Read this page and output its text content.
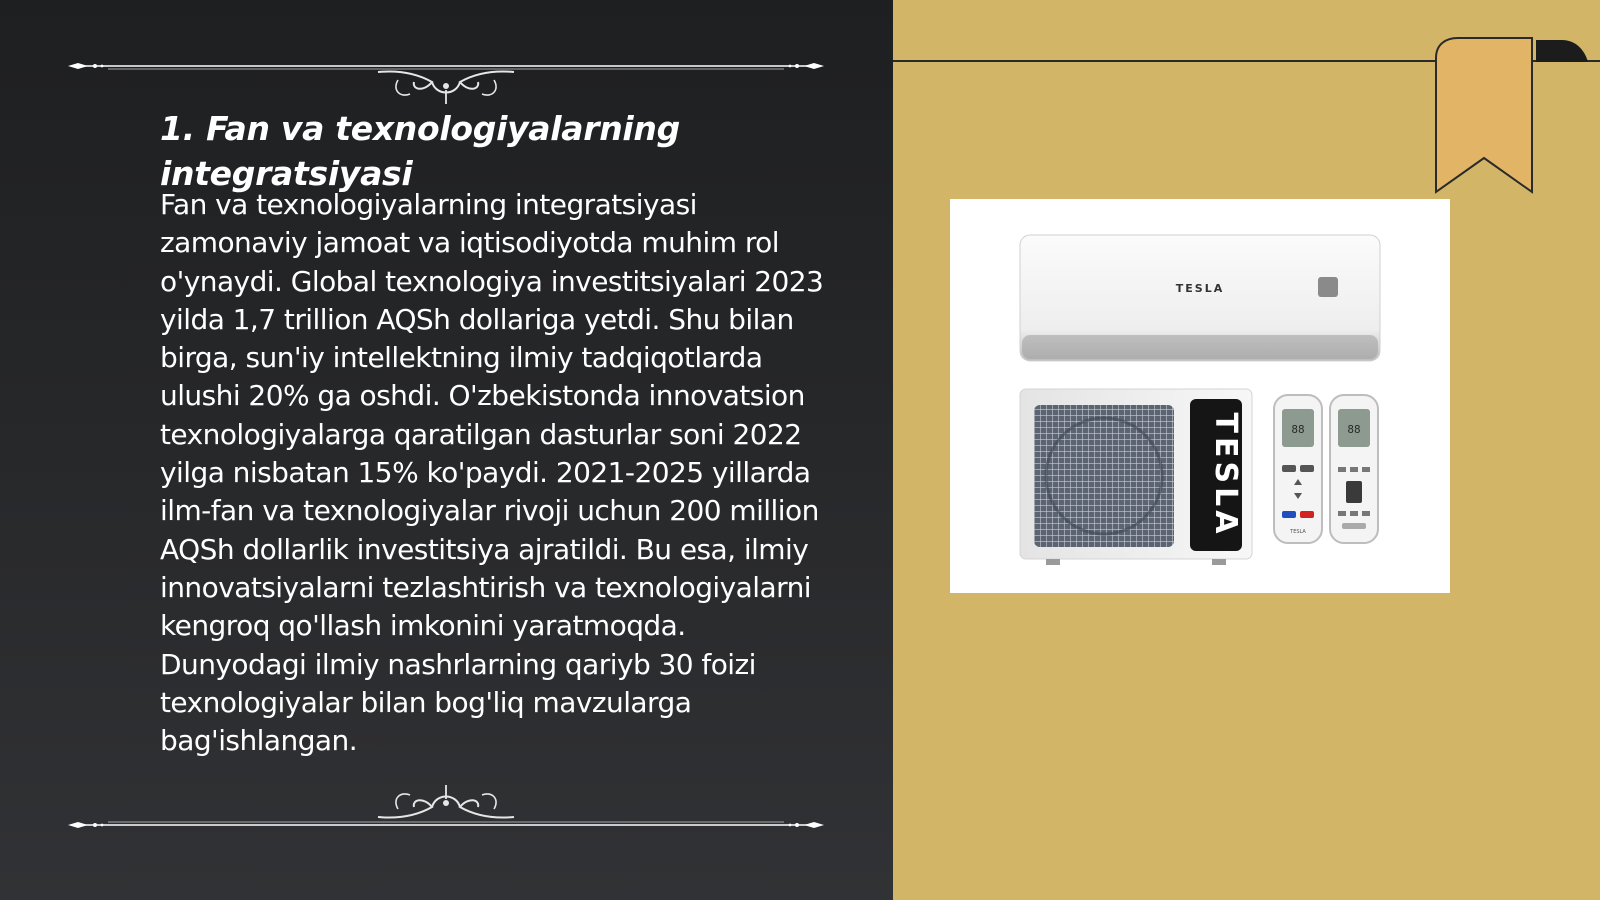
1. Fan va texnologiyalarning integratsiyasi

Fan va texnologiyalarning integratsiyasi zamonaviy jamoat va iqtisodiyotda muhim rol o'ynaydi. Global texnologiya investitsiyalari 2023 yilda 1,7 trillion AQSh dollariga yetdi. Shu bilan birga, sun'iy intellektning ilmiy tadqiqotlarda ulushi 20% ga oshdi. O'zbekistonda innovatsion texnologiyalarga qaratilgan dasturlar soni 2022 yilga nisbatan 15% ko'paydi. 2021-2025 yillarda ilm-fan va texnologiyalar rivoji uchun 200 million AQSh dollarlik investitsiya ajratildi. Bu esa, ilmiy innovatsiyalarni tezlashtirish va texnologiyalarni kengroq qo'llash imkonini yaratmoqda. Dunyodagi ilmiy nashrlarning qariyb 30 foizi texnologiyalar bilan bog'liq mavzularga bag'ishlangan.

TESLA
TESLA	88
TESLA
88
